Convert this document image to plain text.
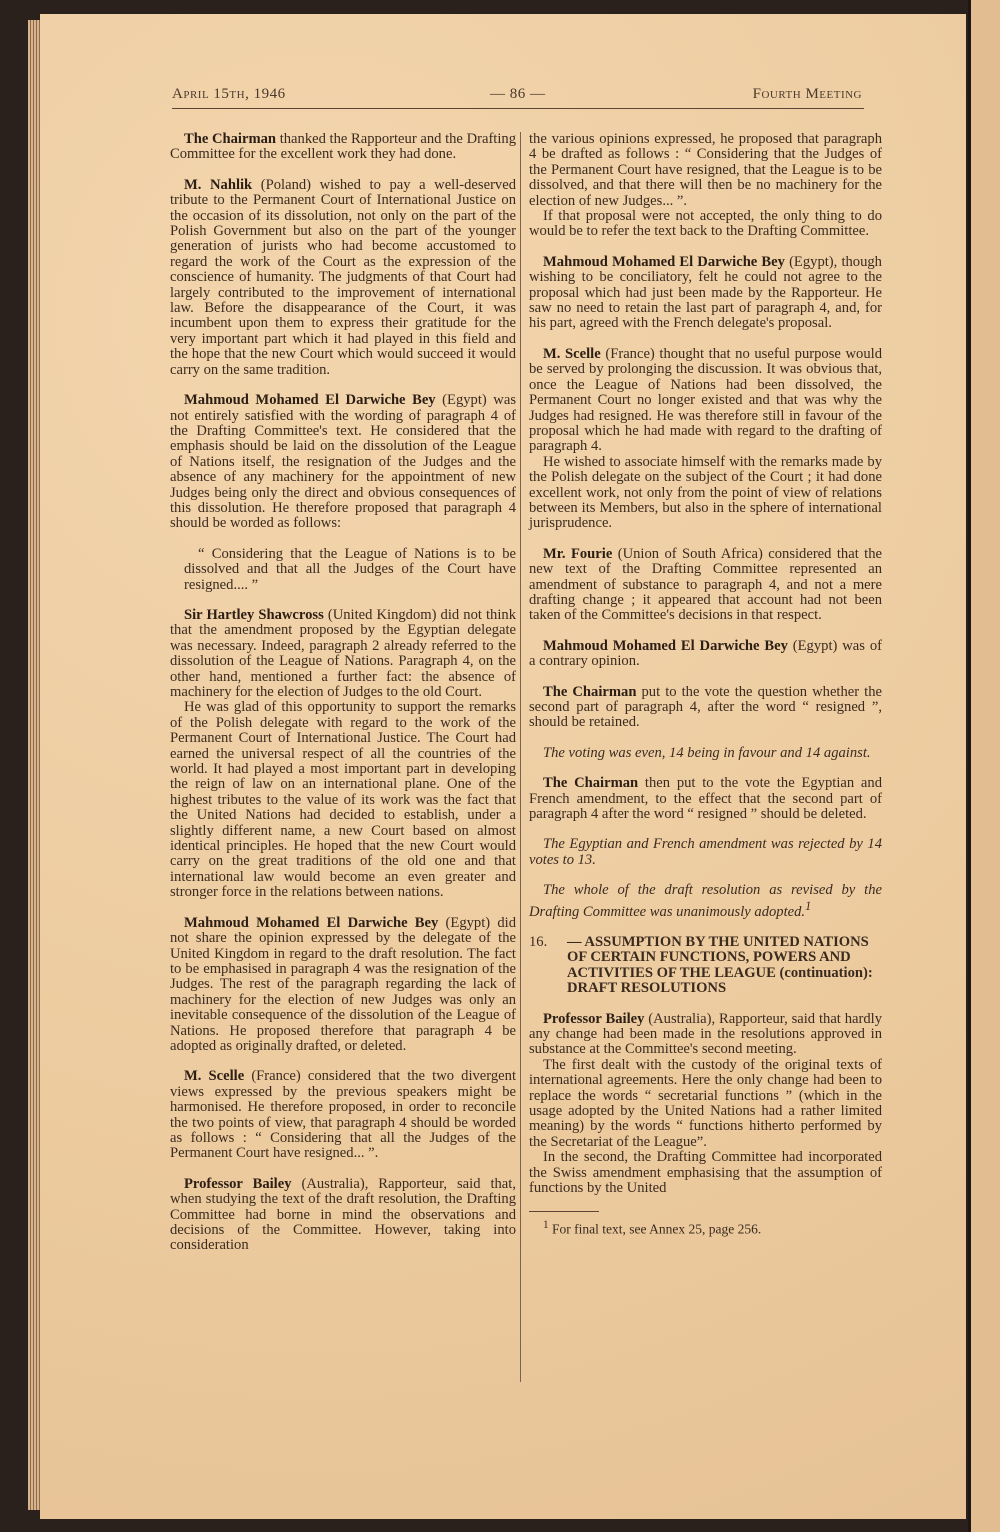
April 15th, 1946	— 86 —	Fourth Meeting

The Chairman thanked the Rapporteur and the Drafting Committee for the excellent work they had done.

M. Nahlik (Poland) wished to pay a well-deserved tribute to the Permanent Court of International Justice on the occasion of its dissolution, not only on the part of the Polish Government but also on the part of the younger generation of jurists who had become accustomed to regard the work of the Court as the expression of the conscience of humanity. The judgments of that Court had largely contributed to the improvement of international law. Before the disappearance of the Court, it was incumbent upon them to express their gratitude for the very important part which it had played in this field and the hope that the new Court which would succeed it would carry on the same tradition.

Mahmoud Mohamed El Darwiche Bey (Egypt) was not entirely satisfied with the wording of paragraph 4 of the Drafting Committee's text. He considered that the emphasis should be laid on the dissolution of the League of Nations itself, the resignation of the Judges and the absence of any machinery for the appointment of new Judges being only the direct and obvious consequences of this dissolution. He therefore proposed that paragraph 4 should be worded as follows:

“ Considering that the League of Nations is to be dissolved and that all the Judges of the Court have resigned.... ”

Sir Hartley Shawcross (United Kingdom) did not think that the amendment proposed by the Egyptian delegate was necessary. Indeed, paragraph 2 already referred to the dissolution of the League of Nations. Paragraph 4, on the other hand, mentioned a further fact: the absence of machinery for the election of Judges to the old Court.

He was glad of this opportunity to support the remarks of the Polish delegate with regard to the work of the Permanent Court of International Justice. The Court had earned the universal respect of all the countries of the world. It had played a most important part in developing the reign of law on an international plane. One of the highest tributes to the value of its work was the fact that the United Nations had decided to establish, under a slightly different name, a new Court based on almost identical principles. He hoped that the new Court would carry on the great traditions of the old one and that international law would become an even greater and stronger force in the relations between nations.

Mahmoud Mohamed El Darwiche Bey (Egypt) did not share the opinion expressed by the delegate of the United Kingdom in regard to the draft resolution. The fact to be emphasised in paragraph 4 was the resignation of the Judges. The rest of the paragraph regarding the lack of machinery for the election of new Judges was only an inevitable consequence of the dissolution of the League of Nations. He proposed therefore that paragraph 4 be adopted as originally drafted, or deleted.

M. Scelle (France) considered that the two divergent views expressed by the previous speakers might be harmonised. He therefore proposed, in order to reconcile the two points of view, that paragraph 4 should be worded as follows : “ Considering that all the Judges of the Permanent Court have resigned... ”.

Professor Bailey (Australia), Rapporteur, said that, when studying the text of the draft resolution, the Drafting Committee had borne in mind the observations and decisions of the Committee. However, taking into consideration

the various opinions expressed, he proposed that paragraph 4 be drafted as follows : “ Considering that the Judges of the Permanent Court have resigned, that the League is to be dissolved, and that there will then be no machinery for the election of new Judges... ”.

If that proposal were not accepted, the only thing to do would be to refer the text back to the Drafting Committee.

Mahmoud Mohamed El Darwiche Bey (Egypt), though wishing to be conciliatory, felt he could not agree to the proposal which had just been made by the Rapporteur. He saw no need to retain the last part of paragraph 4, and, for his part, agreed with the French delegate's proposal.

M. Scelle (France) thought that no useful purpose would be served by prolonging the discussion. It was obvious that, once the League of Nations had been dissolved, the Permanent Court no longer existed and that was why the Judges had resigned. He was therefore still in favour of the proposal which he had made with regard to the drafting of paragraph 4.

He wished to associate himself with the remarks made by the Polish delegate on the subject of the Court ; it had done excellent work, not only from the point of view of relations between its Members, but also in the sphere of international jurisprudence.

Mr. Fourie (Union of South Africa) considered that the new text of the Drafting Committee represented an amendment of substance to paragraph 4, and not a mere drafting change ; it appeared that account had not been taken of the Committee's decisions in that respect.

Mahmoud Mohamed El Darwiche Bey (Egypt) was of a contrary opinion.

The Chairman put to the vote the question whether the second part of paragraph 4, after the word “ resigned ”, should be retained.

The voting was even, 14 being in favour and 14 against.

The Chairman then put to the vote the Egyptian and French amendment, to the effect that the second part of paragraph 4 after the word “ resigned ” should be deleted.

The Egyptian and French amendment was rejected by 14 votes to 13.

The whole of the draft resolution as revised by the Drafting Committee was unanimously adopted.$^1$

16. — ASSUMPTION BY THE UNITED NATIONS OF CERTAIN FUNCTIONS, POWERS AND ACTIVITIES OF THE LEAGUE (continuation): DRAFT RESOLUTIONS

Professor Bailey (Australia), Rapporteur, said that hardly any change had been made in the resolutions approved in substance at the Committee's second meeting.

The first dealt with the custody of the original texts of international agreements. Here the only change had been to replace the words “ secretarial functions ” (which in the usage adopted by the United Nations had a rather limited meaning) by the words “ functions hitherto performed by the Secretariat of the League”.

In the second, the Drafting Committee had incorporated the Swiss amendment emphasising that the assumption of functions by the United

$^1$ For final text, see Annex 25, page 256.
